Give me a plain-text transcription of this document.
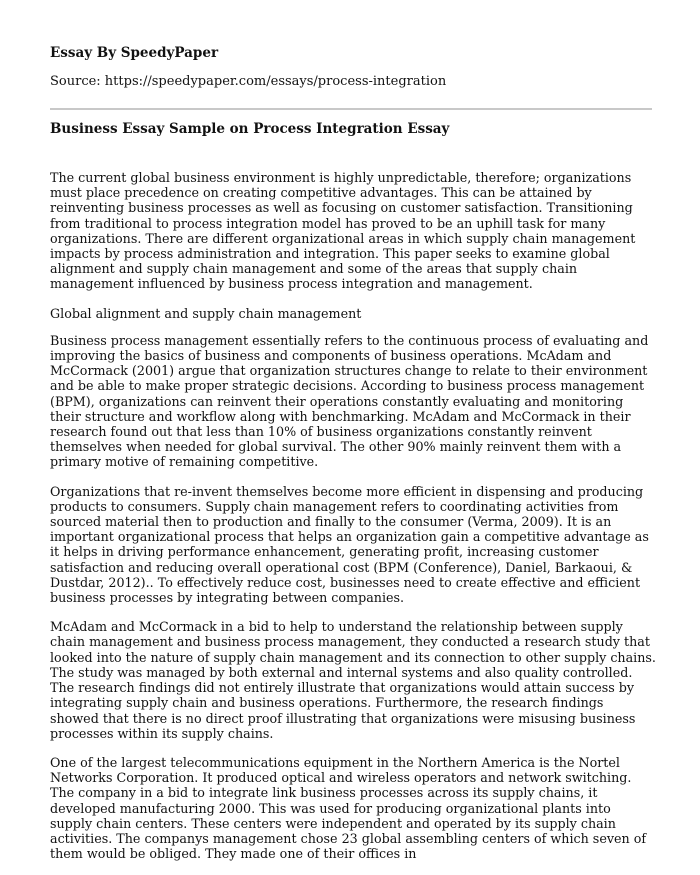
Essay By SpeedyPaper
Source: https://speedypaper.com/essays/process-integration
Business Essay Sample on Process Integration Essay

The current global business environment is highly unpredictable, therefore; organizations must place precedence on creating competitive advantages. This can be attained by reinventing business processes as well as focusing on customer satisfaction. Transitioning from traditional to process integration model has proved to be an uphill task for many organizations. There are different organizational areas in which supply chain management impacts by process administration and integration. This paper seeks to examine global alignment and supply chain management and some of the areas that supply chain management influenced by business process integration and management.

Global alignment and supply chain management

Business process management essentially refers to the continuous process of evaluating and improving the basics of business and components of business operations. McAdam and McCormack (2001) argue that organization structures change to relate to their environment and be able to make proper strategic decisions. According to business process management (BPM), organizations can reinvent their operations constantly evaluating and monitoring their structure and workflow along with benchmarking. McAdam and McCormack in their research found out that less than 10% of business organizations constantly reinvent themselves when needed for global survival. The other 90% mainly reinvent them with a primary motive of remaining competitive.

Organizations that re-invent themselves become more efficient in dispensing and producing products to consumers. Supply chain management refers to coordinating activities from sourced material then to production and finally to the consumer (Verma, 2009). It is an important organizational process that helps an organization gain a competitive advantage as it helps in driving performance enhancement, generating profit, increasing customer satisfaction and reducing overall operational cost (BPM (Conference), Daniel, Barkaoui, & Dustdar, 2012).. To effectively reduce cost, businesses need to create effective and efficient business processes by integrating between companies.

McAdam and McCormack in a bid to help to understand the relationship between supply chain management and business process management, they conducted a research study that looked into the nature of supply chain management and its connection to other supply chains. The study was managed by both external and internal systems and also quality controlled. The research findings did not entirely illustrate that organizations would attain success by integrating supply chain and business operations. Furthermore, the research findings showed that there is no direct proof illustrating that organizations were misusing business processes within its supply chains.

One of the largest telecommunications equipment in the Northern America is the Nortel Networks Corporation. It produced optical and wireless operators and network switching. The company in a bid to integrate link business processes across its supply chains, it developed manufacturing 2000. This was used for producing organizational plants into supply chain centers. These centers were independent and operated by its supply chain activities. The companys management chose 23 global assembling centers of which seven of them would be obliged. They made one of their offices in
